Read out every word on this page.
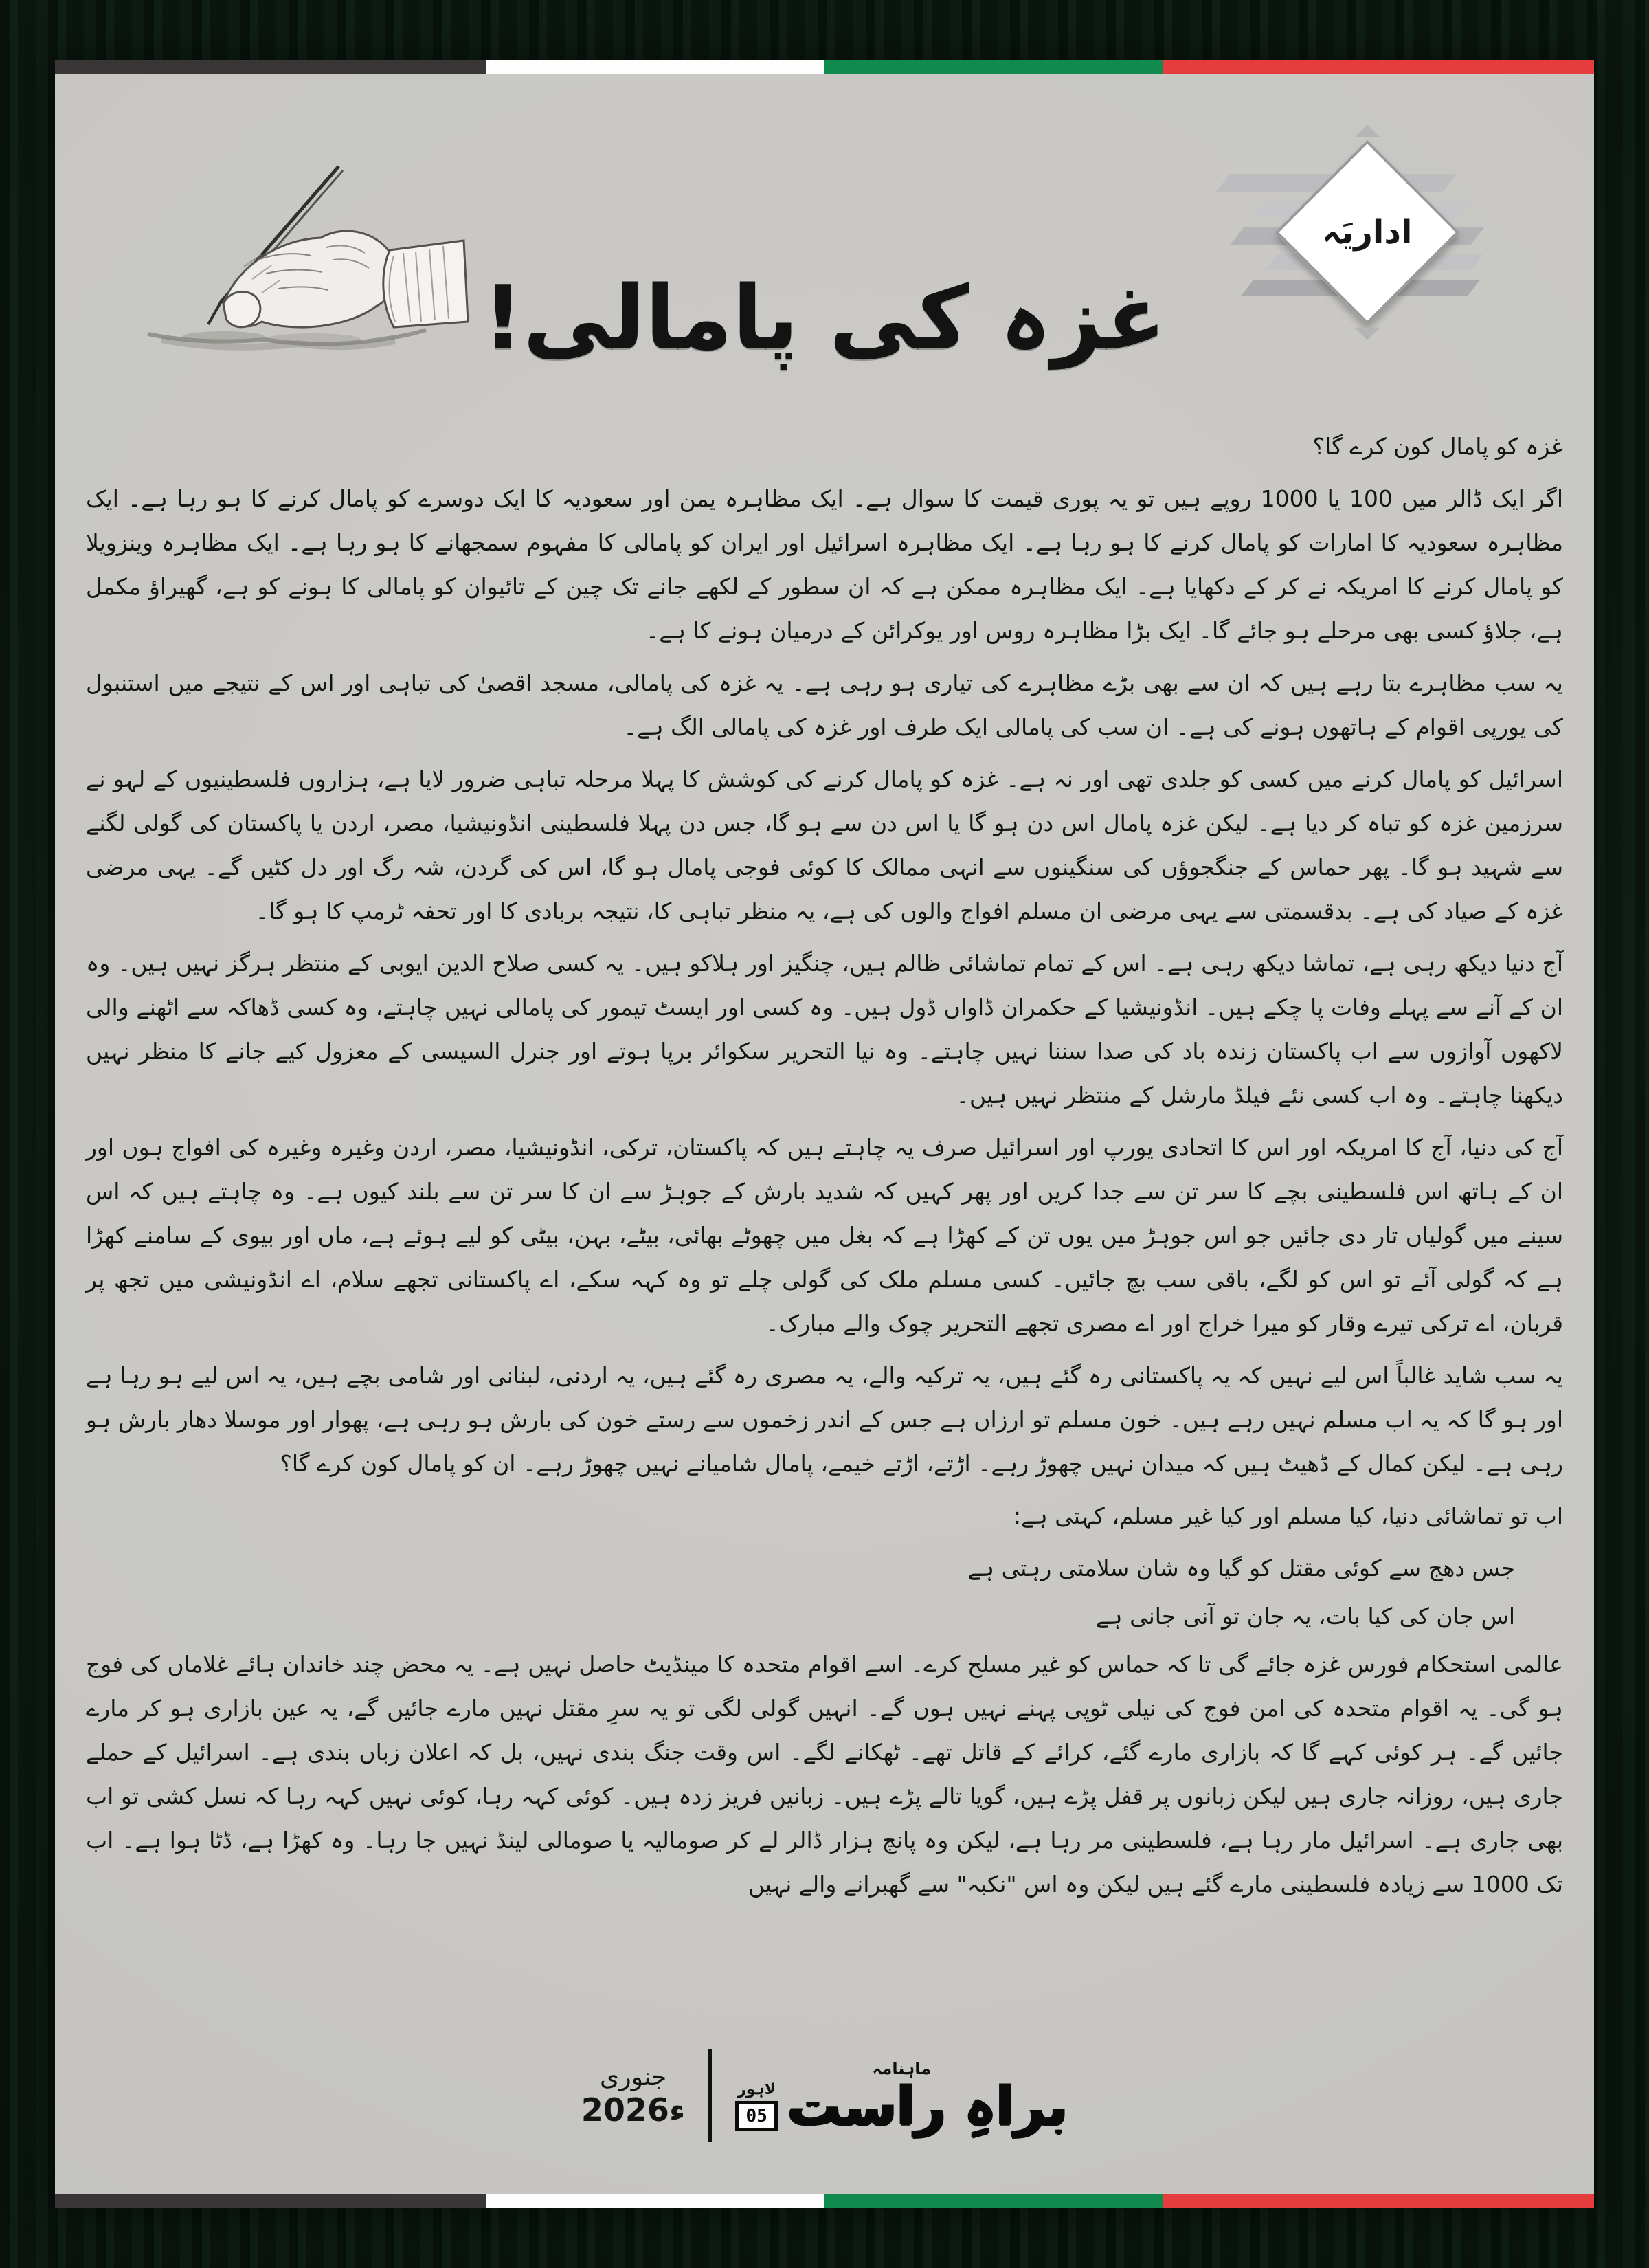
اداریَہ
غزہ کی پامالی!
غزہ کو پامال کون کرے گا؟
اگر ایک ڈالر میں 100 یا 1000 روپے ہیں تو یہ پوری قیمت کا سوال ہے۔ ایک مظاہرہ یمن اور سعودیہ کا ایک دوسرے کو پامال کرنے کا ہو رہا ہے۔ ایک مظاہرہ سعودیہ کا امارات کو پامال کرنے کا ہو رہا ہے۔ ایک مظاہرہ اسرائیل اور ایران کو پامالی کا مفہوم سمجھانے کا ہو رہا ہے۔ ایک مظاہرہ وینزویلا کو پامال کرنے کا امریکہ نے کر کے دکھایا ہے۔ ایک مظاہرہ ممکن ہے کہ ان سطور کے لکھے جانے تک چین کے تائیوان کو پامالی کا ہونے کو ہے، گھیراؤ مکمل ہے، جلاؤ کسی بھی مرحلے ہو جائے گا۔ ایک بڑا مظاہرہ روس اور یوکرائن کے درمیان ہونے کا ہے۔
یہ سب مظاہرے بتا رہے ہیں کہ ان سے بھی بڑے مظاہرے کی تیاری ہو رہی ہے۔ یہ غزہ کی پامالی، مسجد اقصیٰ کی تباہی اور اس کے نتیجے میں استنبول کی یورپی اقوام کے ہاتھوں ہونے کی ہے۔ ان سب کی پامالی ایک طرف اور غزہ کی پامالی الگ ہے۔
اسرائیل کو پامال کرنے میں کسی کو جلدی تھی اور نہ ہے۔ غزہ کو پامال کرنے کی کوشش کا پہلا مرحلہ تباہی ضرور لایا ہے، ہزاروں فلسطینیوں کے لہو نے سرزمین غزہ کو تباہ کر دیا ہے۔ لیکن غزہ پامال اس دن ہو گا یا اس دن سے ہو گا، جس دن پہلا فلسطینی انڈونیشیا، مصر، اردن یا پاکستان کی گولی لگنے سے شہید ہو گا۔ پھر حماس کے جنگجوؤں کی سنگینوں سے انہی ممالک کا کوئی فوجی پامال ہو گا، اس کی گردن، شہ رگ اور دل کٹیں گے۔ یہی مرضی غزہ کے صیاد کی ہے۔ بدقسمتی سے یہی مرضی ان مسلم افواج والوں کی ہے، یہ منظر تباہی کا، نتیجہ بربادی کا اور تحفہ ٹرمپ کا ہو گا۔
آج دنیا دیکھ رہی ہے، تماشا دیکھ رہی ہے۔ اس کے تمام تماشائی ظالم ہیں، چنگیز اور ہلاکو ہیں۔ یہ کسی صلاح الدین ایوبی کے منتظر ہرگز نہیں ہیں۔ وہ ان کے آنے سے پہلے وفات پا چکے ہیں۔ انڈونیشیا کے حکمران ڈاواں ڈول ہیں۔ وہ کسی اور ایسٹ تیمور کی پامالی نہیں چاہتے، وہ کسی ڈھاکہ سے اٹھنے والی لاکھوں آوازوں سے اب پاکستان زندہ باد کی صدا سننا نہیں چاہتے۔ وہ نیا التحریر سکوائر برپا ہوتے اور جنرل السیسی کے معزول کیے جانے کا منظر نہیں دیکھنا چاہتے۔ وہ اب کسی نئے فیلڈ مارشل کے منتظر نہیں ہیں۔
آج کی دنیا، آج کا امریکہ اور اس کا اتحادی یورپ اور اسرائیل صرف یہ چاہتے ہیں کہ پاکستان، ترکی، انڈونیشیا، مصر، اردن وغیرہ وغیرہ کی افواج ہوں اور ان کے ہاتھ اس فلسطینی بچے کا سر تن سے جدا کریں اور پھر کہیں کہ شدید بارش کے جوہڑ سے ان کا سر تن سے بلند کیوں ہے۔ وہ چاہتے ہیں کہ اس سینے میں گولیاں تار دی جائیں جو اس جوہڑ میں یوں تن کے کھڑا ہے کہ بغل میں چھوٹے بھائی، بیٹے، بہن، بیٹی کو لیے ہوئے ہے، ماں اور بیوی کے سامنے کھڑا ہے کہ گولی آئے تو اس کو لگے، باقی سب بچ جائیں۔ کسی مسلم ملک کی گولی چلے تو وہ کہہ سکے، اے پاکستانی تجھے سلام، اے انڈونیشی میں تجھ پر قربان، اے ترکی تیرے وقار کو میرا خراج اور اے مصری تجھے التحریر چوک والے مبارک۔
یہ سب شاید غالباً اس لیے نہیں کہ یہ پاکستانی رہ گئے ہیں، یہ ترکیہ والے، یہ مصری رہ گئے ہیں، یہ اردنی، لبنانی اور شامی بچے ہیں، یہ اس لیے ہو رہا ہے اور ہو گا کہ یہ اب مسلم نہیں رہے ہیں۔ خون مسلم تو ارزاں ہے جس کے اندر زخموں سے رستے خون کی بارش ہو رہی ہے، پھوار اور موسلا دھار بارش ہو رہی ہے۔ لیکن کمال کے ڈھیٹ ہیں کہ میدان نہیں چھوڑ رہے۔ اڑتے، اڑتے خیمے، پامال شامیانے نہیں چھوڑ رہے۔ ان کو پامال کون کرے گا؟
اب تو تماشائی دنیا، کیا مسلم اور کیا غیر مسلم، کہتی ہے:
جس دھج سے کوئی مقتل کو گیا وہ شان سلامتی رہتی ہے
اس جان کی کیا بات، یہ جان تو آنی جانی ہے
عالمی استحکام فورس غزہ جائے گی تا کہ حماس کو غیر مسلح کرے۔ اسے اقوام متحدہ کا مینڈیٹ حاصل نہیں ہے۔ یہ محض چند خاندان ہائے غلاماں کی فوج ہو گی۔ یہ اقوام متحدہ کی امن فوج کی نیلی ٹوپی پہنے نہیں ہوں گے۔ انہیں گولی لگی تو یہ سرِ مقتل نہیں مارے جائیں گے، یہ عین بازاری ہو کر مارے جائیں گے۔ ہر کوئی کہے گا کہ بازاری مارے گئے، کرائے کے قاتل تھے۔ ٹھکانے لگے۔ اس وقت جنگ بندی نہیں، بل کہ اعلان زباں بندی ہے۔ اسرائیل کے حملے جاری ہیں، روزانہ جاری ہیں لیکن زبانوں پر قفل پڑے ہیں، گویا تالے پڑے ہیں۔ زبانیں فریز زدہ ہیں۔ کوئی کہہ رہا، کوئی نہیں کہہ رہا کہ نسل کشی تو اب بھی جاری ہے۔ اسرائیل مار رہا ہے، فلسطینی مر رہا ہے، لیکن وہ پانچ ہزار ڈالر لے کر صومالیہ یا صومالی لینڈ نہیں جا رہا۔ وہ کھڑا ہے، ڈٹا ہوا ہے۔ اب تک 1000 سے زیادہ فلسطینی مارے گئے ہیں لیکن وہ اس "نکبہ" سے گھبرانے والے نہیں
ماہنامہ
براہِ راست
لاہور
05
جنوری
2026ء
